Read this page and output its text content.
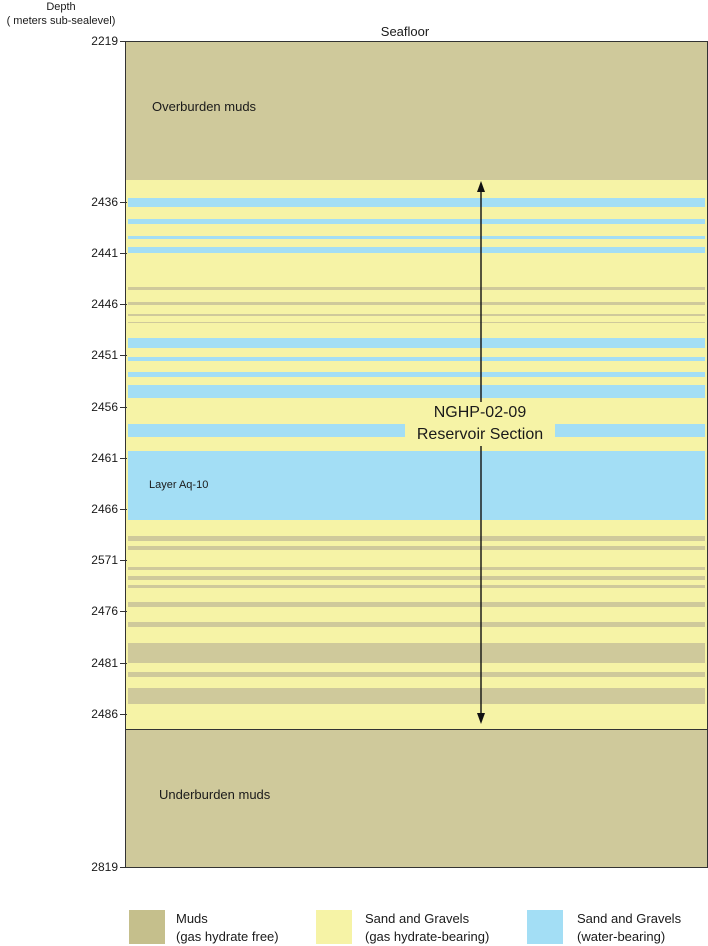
Depth
( meters sub-sealevel)
Seafloor
Overburden muds
Layer Aq-10
NGHP-02-09
Reservoir Section
Underburden muds
2219
2436
2441
2446
2451
2456
2461
2466
2571
2476
2481
2486
2819
Muds
(gas hydrate free)
Sand and Gravels
(gas hydrate-bearing)
Sand and Gravels
(water-bearing)
